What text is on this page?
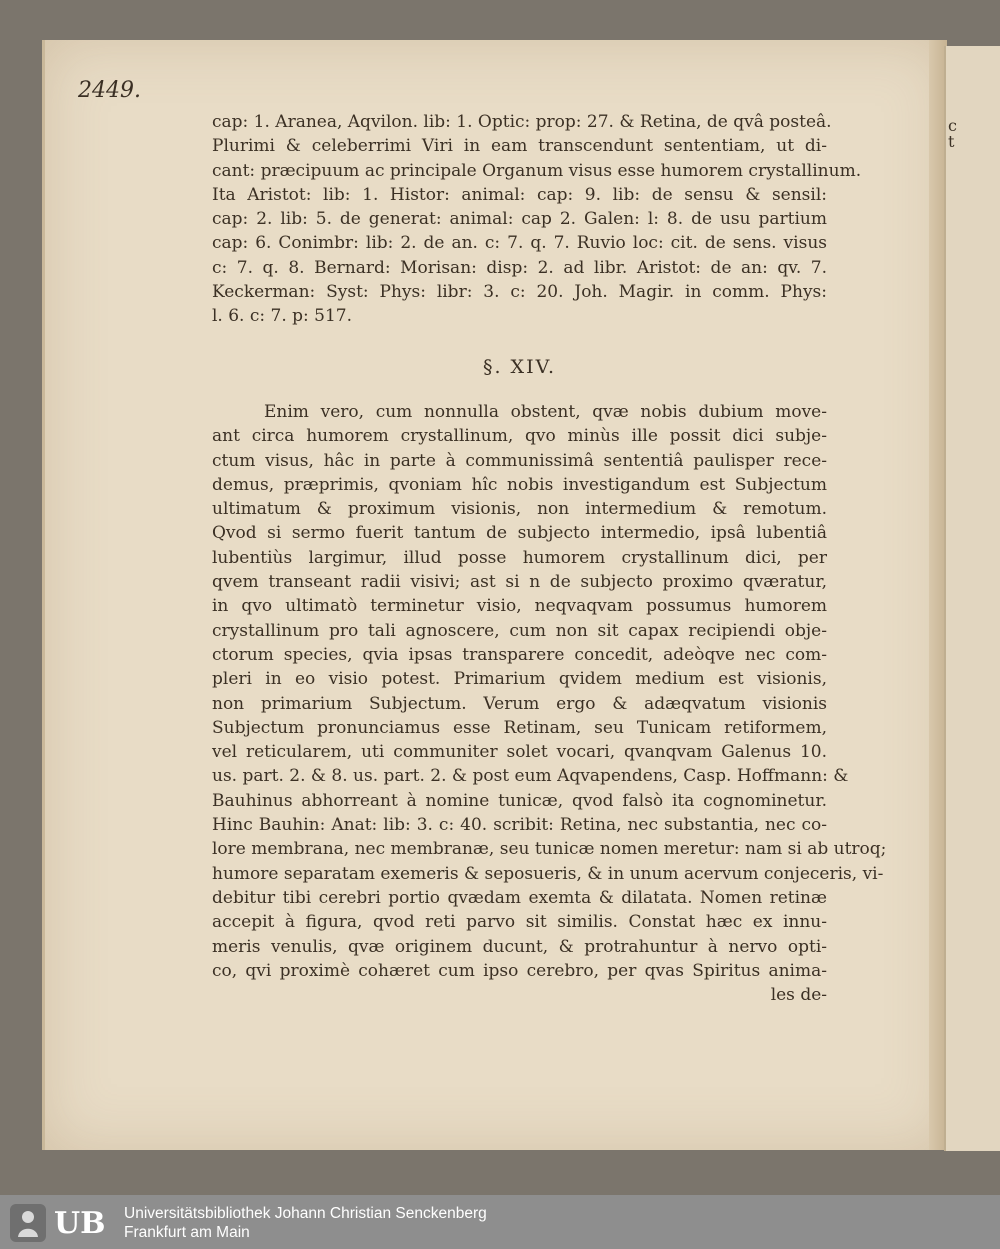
c
t
2449.
cap: 1. Aranea, Aqvilon. lib: 1. Optic: prop: 27. & Retina, de qvâ posteâ.
Plurimi & celeberrimi Viri in eam transcendunt sententiam, ut di-
cant: præcipuum ac principale Organum visus esse humorem crystallinum.
Ita Aristot: lib: 1. Histor: animal: cap: 9. lib: de sensu & sensil:
cap: 2. lib: 5. de generat: animal: cap 2. Galen: l: 8. de usu partium
cap: 6. Conimbr: lib: 2. de an. c: 7. q. 7. Ruvio loc: cit. de sens. visus
c: 7. q. 8. Bernard: Morisan: disp: 2. ad libr. Aristot: de an: qv. 7.
Keckerman: Syst: Phys: libr: 3. c: 20. Joh. Magir. in comm. Phys:
l. 6. c: 7. p: 517.
§. XIV.
Enim vero, cum nonnulla obstent, qvæ nobis dubium move-
ant circa humorem crystallinum, qvo minùs ille possit dici subje-
ctum visus, hâc in parte à communissimâ sententiâ paulisper rece-
demus, præprimis, qvoniam hîc nobis investigandum est Subjectum
ultimatum & proximum visionis, non intermedium & remotum.
Qvod si sermo fuerit tantum de subjecto intermedio, ipsâ lubentiâ
lubentiùs largimur, illud posse humorem crystallinum dici, per
qvem transeant radii visivi; ast si n de subjecto proximo qværatur,
in qvo ultimatò terminetur visio, neqvaqvam possumus humorem
crystallinum pro tali agnoscere, cum non sit capax recipiendi obje-
ctorum species, qvia ipsas transparere concedit, adeòqve nec com-
pleri in eo visio potest. Primarium qvidem medium est visionis,
non primarium Subjectum. Verum ergo & adæqvatum visionis
Subjectum pronunciamus esse Retinam, seu Tunicam retiformem,
vel reticularem, uti communiter solet vocari, qvanqvam Galenus 10.
us. part. 2. & 8. us. part. 2. & post eum Aqvapendens, Casp. Hoffmann: &
Bauhinus abhorreant à nomine tunicæ, qvod falsò ita cognominetur.
Hinc Bauhin: Anat: lib: 3. c: 40. scribit: Retina, nec substantia, nec co-
lore membrana, nec membranæ, seu tunicæ nomen meretur: nam si ab utroq;
humore separatam exemeris & seposueris, & in unum acervum conjeceris, vi-
debitur tibi cerebri portio qvædam exemta & dilatata. Nomen retinæ
accepit à figura, qvod reti parvo sit similis. Constat hæc ex innu-
meris venulis, qvæ originem ducunt, & protrahuntur à nervo opti-
co, qvi proximè cohæret cum ipso cerebro, per qvas Spiritus anima-
les de-
UB Universitätsbibliothek Johann Christian Senckenberg
Frankfurt am Main
